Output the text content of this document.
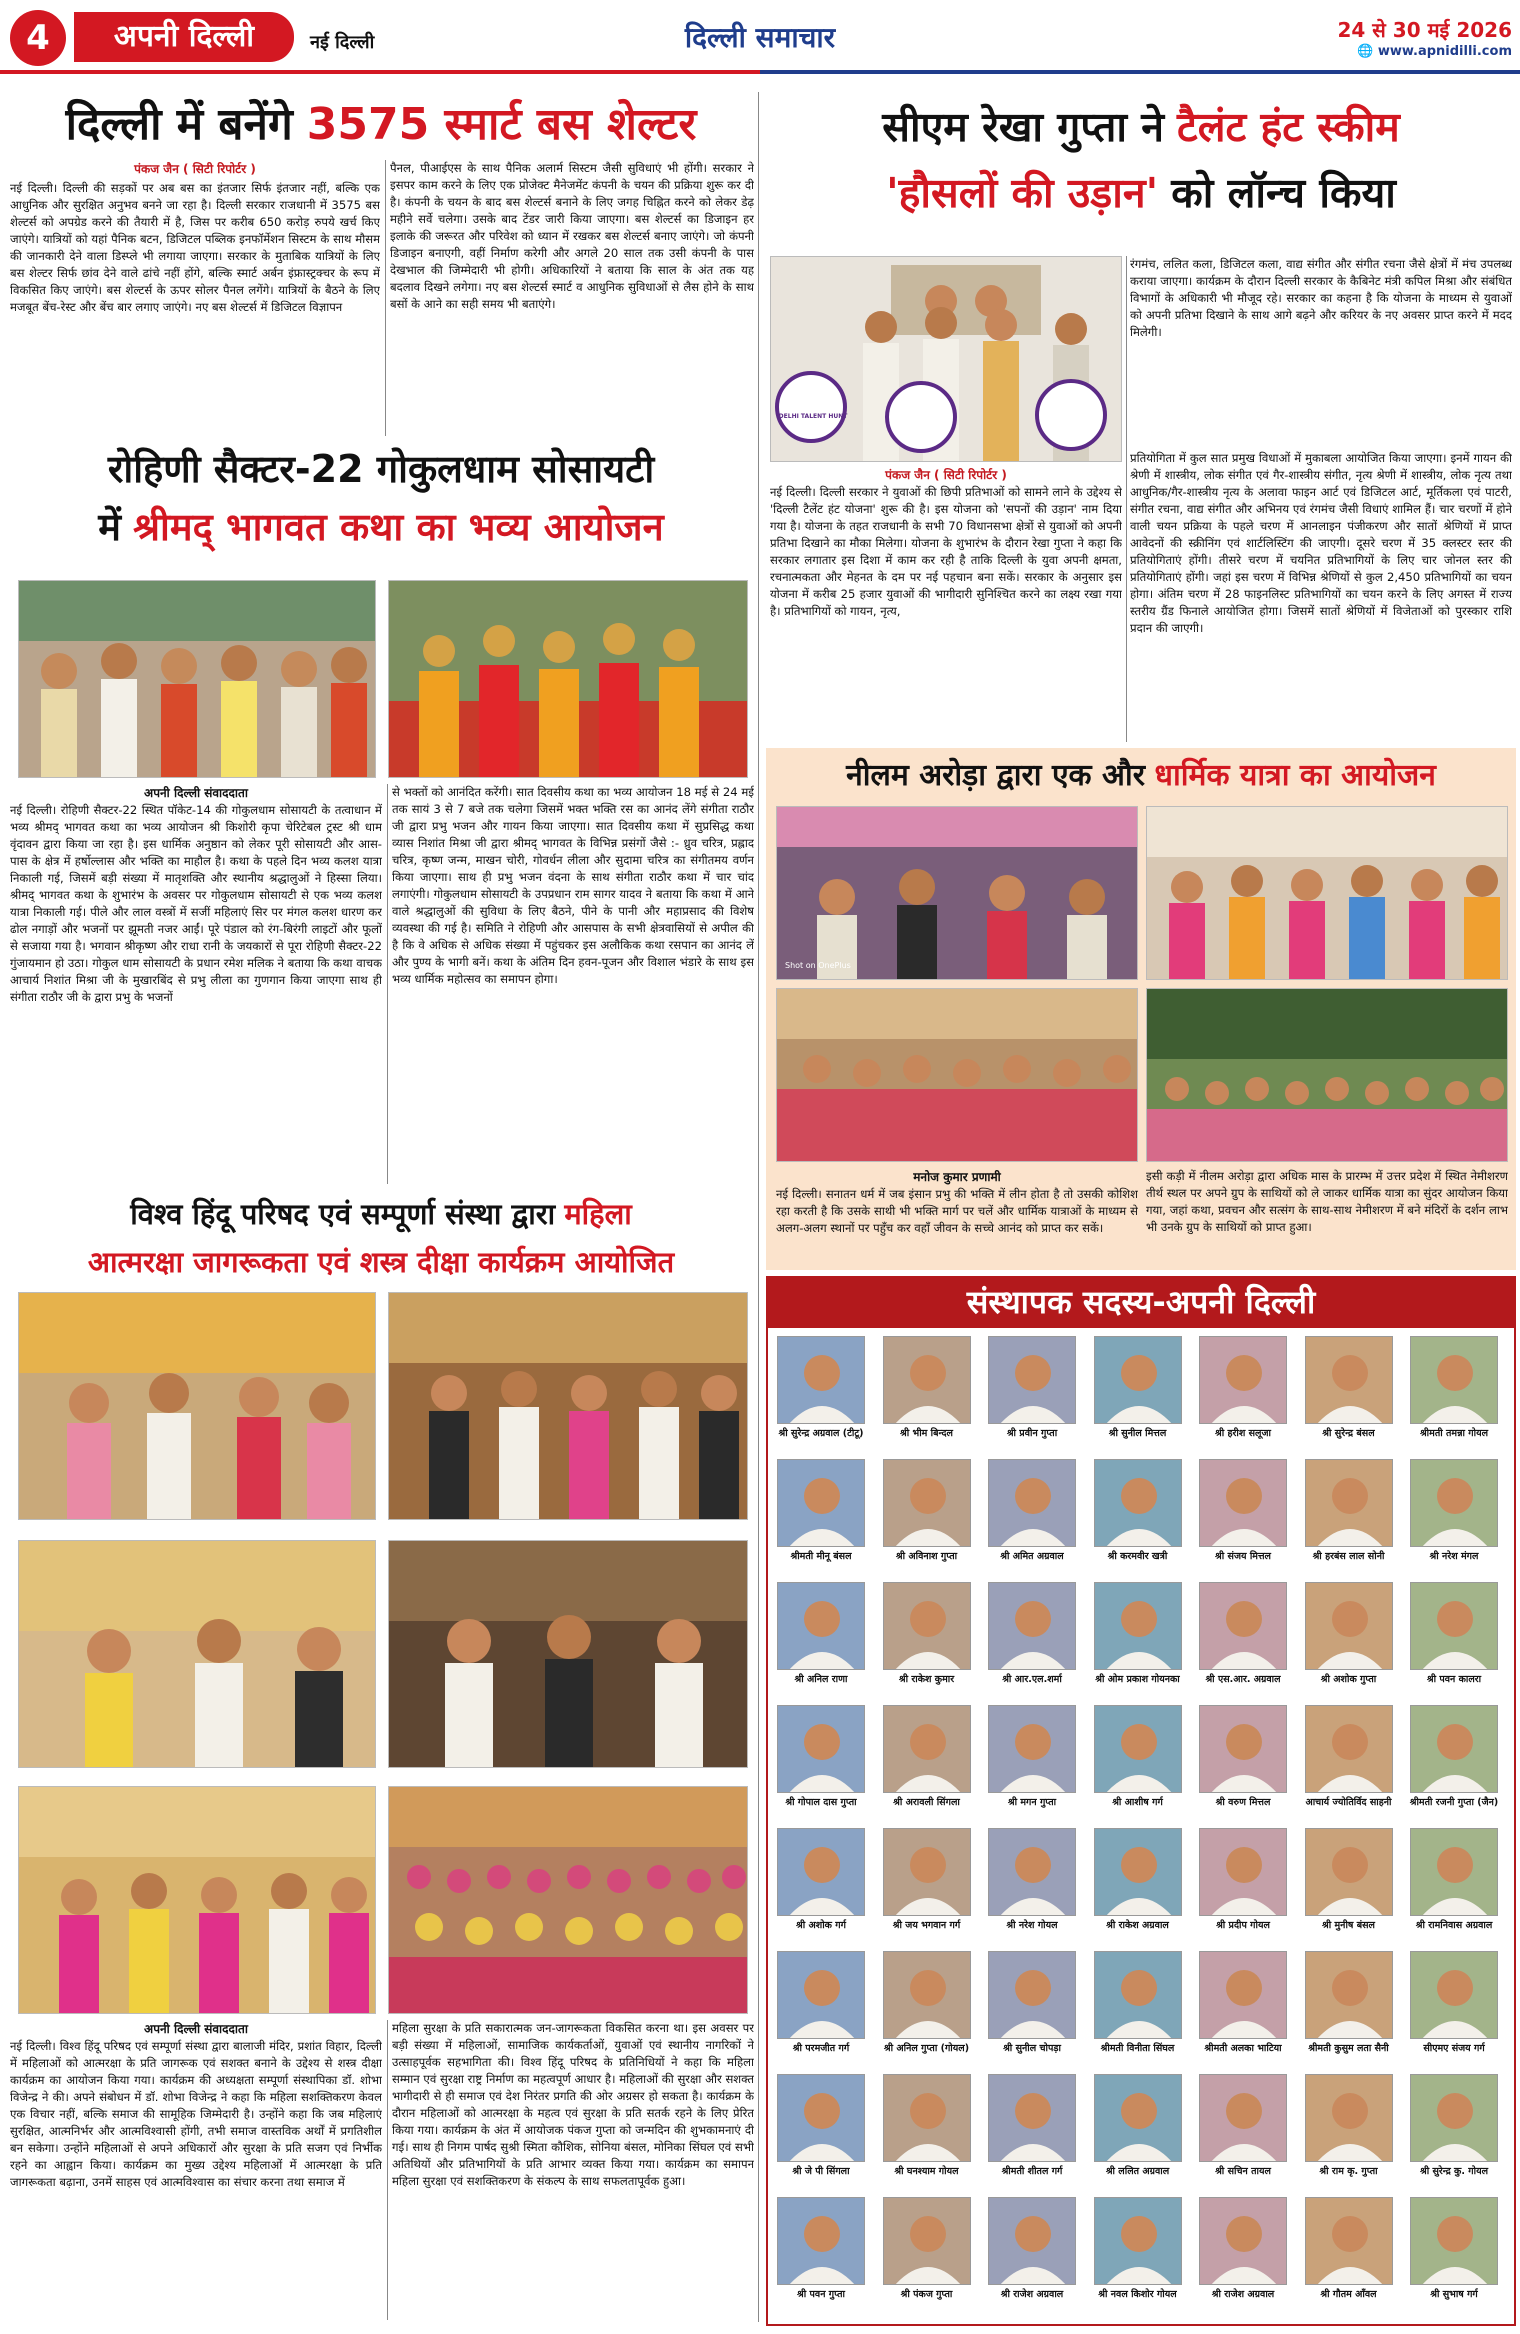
4	अपनी दिल्ली	नई दिल्ली	दिल्ली समाचार	24 से 30 मई 2026
🌐 www.apnidilli.com
दिल्ली में बनेंगे 3575 स्मार्ट बस शेल्टर
पंकज जैन ( सिटी रिपोर्टर )
नई दिल्ली। दिल्ली की सड़कों पर अब बस का इंतजार सिर्फ इंतजार नहीं, बल्कि एक आधुनिक और सुरक्षित अनुभव बनने जा रहा है। दिल्ली सरकार राजधानी में 3575 बस शेल्टर्स को अपग्रेड करने की तैयारी में है, जिस पर करीब 650 करोड़ रुपये खर्च किए जाएंगे। यात्रियों को यहां पैनिक बटन, डिजिटल पब्लिक इनफॉर्मेशन सिस्टम के साथ मौसम की जानकारी देने वाला डिस्प्ले भी लगाया जाएगा। सरकार के मुताबिक यात्रियों के लिए बस शेल्टर सिर्फ छांव देने वाले ढांचे नहीं होंगे, बल्कि स्मार्ट अर्बन इंफ्रास्ट्रक्चर के रूप में विकसित किए जाएंगे। बस शेल्टर्स के ऊपर सोलर पैनल लगेंगे। यात्रियों के बैठने के लिए मजबूत बेंच-रेस्ट और बेंच बार लगाए जाएंगे। नए बस शेल्टर्स में डिजिटल विज्ञापन
पैनल, पीआईएस के साथ पैनिक अलार्म सिस्टम जैसी सुविधाएं भी होंगी। सरकार ने इसपर काम करने के लिए एक प्रोजेक्ट मैनेजमेंट कंपनी के चयन की प्रक्रिया शुरू कर दी है। कंपनी के चयन के बाद बस शेल्टर्स बनाने के लिए जगह चिह्नित करने को लेकर डेढ़ महीने सर्वे चलेगा। उसके बाद टेंडर जारी किया जाएगा। बस शेल्टर्स का डिजाइन हर इलाके की जरूरत और परिवेश को ध्यान में रखकर बस शेल्टर्स बनाए जाएंगे। जो कंपनी डिजाइन बनाएगी, वहीं निर्माण करेगी और अगले 20 साल तक उसी कंपनी के पास देखभाल की जिम्मेदारी भी होगी। अधिकारियों ने बताया कि साल के अंत तक यह बदलाव दिखने लगेगा। नए बस शेल्टर्स स्मार्ट व आधुनिक सुविधाओं से लैस होने के साथ बसों के आने का सही समय भी बताएंगे।
रोहिणी सैक्टर-22 गोकुलधाम सोसायटी
में श्रीमद् भागवत कथा का भव्य आयोजन
अपनी दिल्ली संवाददाता
नई दिल्ली। रोहिणी सैक्टर-22 स्थित पॉकेट-14 की गोकुलधाम सोसायटी के तत्वाधान में भव्य श्रीमद् भागवत कथा का भव्य आयोजन श्री किशोरी कृपा चेरिटेबल ट्रस्ट श्री धाम वृंदावन द्वारा किया जा रहा है। इस धार्मिक अनुष्ठान को लेकर पूरी सोसायटी और आस-पास के क्षेत्र में हर्षोल्लास और भक्ति का माहौल है। कथा के पहले दिन भव्य कलश यात्रा निकाली गई, जिसमें बड़ी संख्या में मातृशक्ति और स्थानीय श्रद्धालुओं ने हिस्सा लिया। श्रीमद् भागवत कथा के शुभारंभ के अवसर पर गोकुलधाम सोसायटी से एक भव्य कलश यात्रा निकाली गई। पीले और लाल वस्त्रों में सजीं महिलाएं सिर पर मंगल कलश धारण कर ढोल नगाड़ों और भजनों पर झूमती नजर आईं। पूरे पंडाल को रंग-बिरंगी लाइटों और फूलों से सजाया गया है। भगवान श्रीकृष्ण और राधा रानी के जयकारों से पूरा रोहिणी सैक्टर-22 गुंजायमान हो उठा। गोकुल धाम सोसायटी के प्रधान रमेश मलिक ने बताया कि कथा वाचक आचार्य निशांत मिश्रा जी के मुखारबिंद से प्रभु लीला का गुणगान किया जाएगा साथ ही संगीता राठौर जी के द्वारा प्रभु के भजनों
से भक्तों को आनंदित करेंगी। सात दिवसीय कथा का भव्य आयोजन 18 मई से 24 मई तक सायं 3 से 7 बजे तक चलेगा जिसमें भक्त भक्ति रस का आनंद लेंगे संगीता राठौर जी द्वारा प्रभु भजन और गायन किया जाएगा। सात दिवसीय कथा में सुप्रसिद्ध कथा व्यास निशांत मिश्रा जी द्वारा श्रीमद् भागवत के विभिन्न प्रसंगों जैसे :- ध्रुव चरित्र, प्रह्लाद चरित्र, कृष्ण जन्म, माखन चोरी, गोवर्धन लीला और सुदामा चरित्र का संगीतमय वर्णन किया जाएगा। साथ ही प्रभु भजन वंदना के साथ संगीता राठौर कथा में चार चांद लगाएंगी। गोकुलधाम सोसायटी के उपप्रधान राम सागर यादव ने बताया कि कथा में आने वाले श्रद्धालुओं की सुविधा के लिए बैठने, पीने के पानी और महाप्रसाद की विशेष व्यवस्था की गई है। समिति ने रोहिणी और आसपास के सभी क्षेत्रवासियों से अपील की है कि वे अधिक से अधिक संख्या में पहुंचकर इस अलौकिक कथा रसपान का आनंद लें और पुण्य के भागी बनें। कथा के अंतिम दिन हवन-पूजन और विशाल भंडारे के साथ इस भव्य धार्मिक महोत्सव का समापन होगा।
विश्व हिंदू परिषद एवं सम्पूर्णा संस्था द्वारा महिला
आत्मरक्षा जागरूकता एवं शस्त्र दीक्षा कार्यक्रम आयोजित
अपनी दिल्ली संवाददाता
नई दिल्ली। विश्व हिंदू परिषद एवं सम्पूर्णा संस्था द्वारा बालाजी मंदिर, प्रशांत विहार, दिल्ली में महिलाओं को आत्मरक्षा के प्रति जागरूक एवं सशक्त बनाने के उद्देश्य से शस्त्र दीक्षा कार्यक्रम का आयोजन किया गया। कार्यक्रम की अध्यक्षता सम्पूर्णा संस्थापिका डॉ. शोभा विजेन्द्र ने की। अपने संबोधन में डॉ. शोभा विजेन्द्र ने कहा कि महिला सशक्तिकरण केवल एक विचार नहीं, बल्कि समाज की सामूहिक जिम्मेदारी है। उन्होंने कहा कि जब महिलाएं सुरक्षित, आत्मनिर्भर और आत्मविश्वासी होंगी, तभी समाज वास्तविक अर्थों में प्रगतिशील बन सकेगा। उन्होंने महिलाओं से अपने अधिकारों और सुरक्षा के प्रति सजग एवं निर्भीक रहने का आह्वान किया। कार्यक्रम का मुख्य उद्देश्य महिलाओं में आत्मरक्षा के प्रति जागरूकता बढ़ाना, उनमें साहस एवं आत्मविश्वास का संचार करना तथा समाज में
महिला सुरक्षा के प्रति सकारात्मक जन-जागरूकता विकसित करना था। इस अवसर पर बड़ी संख्या में महिलाओं, सामाजिक कार्यकर्ताओं, युवाओं एवं स्थानीय नागरिकों ने उत्साहपूर्वक सहभागिता की। विश्व हिंदू परिषद के प्रतिनिधियों ने कहा कि महिला सम्मान एवं सुरक्षा राष्ट्र निर्माण का महत्वपूर्ण आधार है। महिलाओं की सुरक्षा और सशक्त भागीदारी से ही समाज एवं देश निरंतर प्रगति की ओर अग्रसर हो सकता है। कार्यक्रम के दौरान महिलाओं को आत्मरक्षा के महत्व एवं सुरक्षा के प्रति सतर्क रहने के लिए प्रेरित किया गया। कार्यक्रम के अंत में आयोजक पंकज गुप्ता को जन्मदिन की शुभकामनाएं दी गई। साथ ही निगम पार्षद सुश्री स्मिता कौशिक, सोनिया बंसल, मोनिका सिंघल एवं सभी अतिथियों और प्रतिभागियों के प्रति आभार व्यक्त किया गया। कार्यक्रम का समापन महिला सुरक्षा एवं सशक्तिकरण के संकल्प के साथ सफलतापूर्वक हुआ।
सीएम रेखा गुप्ता ने टैलंट हंट स्कीम
'हौसलों की उड़ान' को लॉन्च किया
DELHI TALENT HUNT
रंगमंच, ललित कला, डिजिटल कला, वाद्य संगीत और संगीत रचना जैसे क्षेत्रों में मंच उपलब्ध कराया जाएगा। कार्यक्रम के दौरान दिल्ली सरकार के कैबिनेट मंत्री कपिल मिश्रा और संबंधित विभागों के अधिकारी भी मौजूद रहे। सरकार का कहना है कि योजना के माध्यम से युवाओं को अपनी प्रतिभा दिखाने के साथ आगे बढ़ने और करियर के नए अवसर प्राप्त करने में मदद मिलेगी।
पंकज जैन ( सिटी रिपोर्टर )
नई दिल्ली। दिल्ली सरकार ने युवाओं की छिपी प्रतिभाओं को सामने लाने के उद्देश्य से 'दिल्ली टैलेंट हंट योजना' शुरू की है। इस योजना को 'सपनों की उड़ान' नाम दिया गया है। योजना के तहत राजधानी के सभी 70 विधानसभा क्षेत्रों से युवाओं को अपनी प्रतिभा दिखाने का मौका मिलेगा। योजना के शुभारंभ के दौरान रेखा गुप्ता ने कहा कि सरकार लगातार इस दिशा में काम कर रही है ताकि दिल्ली के युवा अपनी क्षमता, रचनात्मकता और मेहनत के दम पर नई पहचान बना सकें। सरकार के अनुसार इस योजना में करीब 25 हजार युवाओं की भागीदारी सुनिश्चित करने का लक्ष्य रखा गया है। प्रतिभागियों को गायन, नृत्य,
प्रतियोगिता में कुल सात प्रमुख विधाओं में मुकाबला आयोजित किया जाएगा। इनमें गायन की श्रेणी में शास्त्रीय, लोक संगीत एवं गैर-शास्त्रीय संगीत, नृत्य श्रेणी में शास्त्रीय, लोक नृत्य तथा आधुनिक/गैर-शास्त्रीय नृत्य के अलावा फाइन आर्ट एवं डिजिटल आर्ट, मूर्तिकला एवं पाटरी, संगीत रचना, वाद्य संगीत और अभिनय एवं रंगमंच जैसी विधाएं शामिल हैं। चार चरणों में होने वाली चयन प्रक्रिया के पहले चरण में आनलाइन पंजीकरण और सातों श्रेणियों में प्राप्त आवेदनों की स्क्रीनिंग एवं शार्टलिस्टिंग की जाएगी। दूसरे चरण में 35 क्लस्टर स्तर की प्रतियोगिताएं होंगी। तीसरे चरण में चयनित प्रतिभागियों के लिए चार जोनल स्तर की प्रतियोगिताएं होंगी। जहां इस चरण में विभिन्न श्रेणियों से कुल 2,450 प्रतिभागियों का चयन होगा। अंतिम चरण में 28 फाइनलिस्ट प्रतिभागियों का चयन करने के लिए अगस्त में राज्य स्तरीय ग्रैंड फिनाले आयोजित होगा। जिसमें सातों श्रेणियों में विजेताओं को पुरस्कार राशि प्रदान की जाएगी।
नीलम अरोड़ा द्वारा एक और धार्मिक यात्रा का आयोजन
Shot on OnePlus
मनोज कुमार प्रणामी
नई दिल्ली। सनातन धर्म में जब इंसान प्रभु की भक्ति में लीन होता है तो उसकी कोशिश रहा करती है कि उसके साथी भी भक्ति मार्ग पर चलें और धार्मिक यात्राओं के माध्यम से अलग-अलग स्थानों पर पहुँच कर वहाँ जीवन के सच्चे आनंद को प्राप्त कर सकें।
इसी कड़ी में नीलम अरोड़ा द्वारा अधिक मास के प्रारम्भ में उत्तर प्रदेश में स्थित नेमीशरण तीर्थ स्थल पर अपने ग्रुप के साथियों को ले जाकर धार्मिक यात्रा का सुंदर आयोजन किया गया, जहां कथा, प्रवचन और सत्संग के साथ-साथ नेमीशरण में बने मंदिरों के दर्शन लाभ भी उनके ग्रुप के साथियों को प्राप्त हुआ।
संस्थापक सदस्य-अपनी दिल्ली
श्री सुरेन्द्र अग्रवाल (टीटू)	श्री भीम बिन्दल	श्री प्रवीन गुप्ता	श्री सुनील मित्तल	श्री हरीश सलूजा	श्री सुरेन्द्र बंसल	श्रीमती तमन्ना गोयल
श्रीमती मीनू बंसल	श्री अविनाश गुप्ता	श्री अमित अग्रवाल	श्री करमवीर खत्री	श्री संजय मित्तल	श्री हरबंस लाल सोनी	श्री नरेश मंगल
श्री अनिल राणा	श्री राकेश कुमार	श्री आर.एल.शर्मा	श्री ओम प्रकाश गोयनका	श्री एस.आर. अग्रवाल	श्री अशोक गुप्ता	श्री पवन कालरा
श्री गोपाल दास गुप्ता	श्री अरावली सिंगला	श्री मगन गुप्ता	श्री आशीष गर्ग	श्री वरुण मित्तल	आचार्य ज्योतिर्विद साहनी	श्रीमती रजनी गुप्ता (जैन)
श्री अशोक गर्ग	श्री जय भगवान गर्ग	श्री नरेश गोयल	श्री राकेश अग्रवाल	श्री प्रदीप गोयल	श्री मुनीष बंसल	श्री रामनिवास अग्रवाल
श्री परमजीत गर्ग	श्री अनिल गुप्ता (गोयल)	श्री सुनील चोपड़ा	श्रीमती विनीता सिंघल	श्रीमती अलका भाटिया	श्रीमती कुसुम लता सैनी	सीएमए संजय गर्ग
श्री जे पी सिंगला	श्री घनश्याम गोयल	श्रीमती शीतल गर्ग	श्री ललित अग्रवाल	श्री सचिन तायल	श्री राम कृ. गुप्ता	श्री सुरेन्द्र कु. गोयल
श्री पवन गुप्ता	श्री पंकज गुप्ता	श्री राजेश अग्रवाल	श्री नवल किशोर गोयल	श्री राजेश अग्रवाल	श्री गौतम आँवल	श्री सुभाष गर्ग
